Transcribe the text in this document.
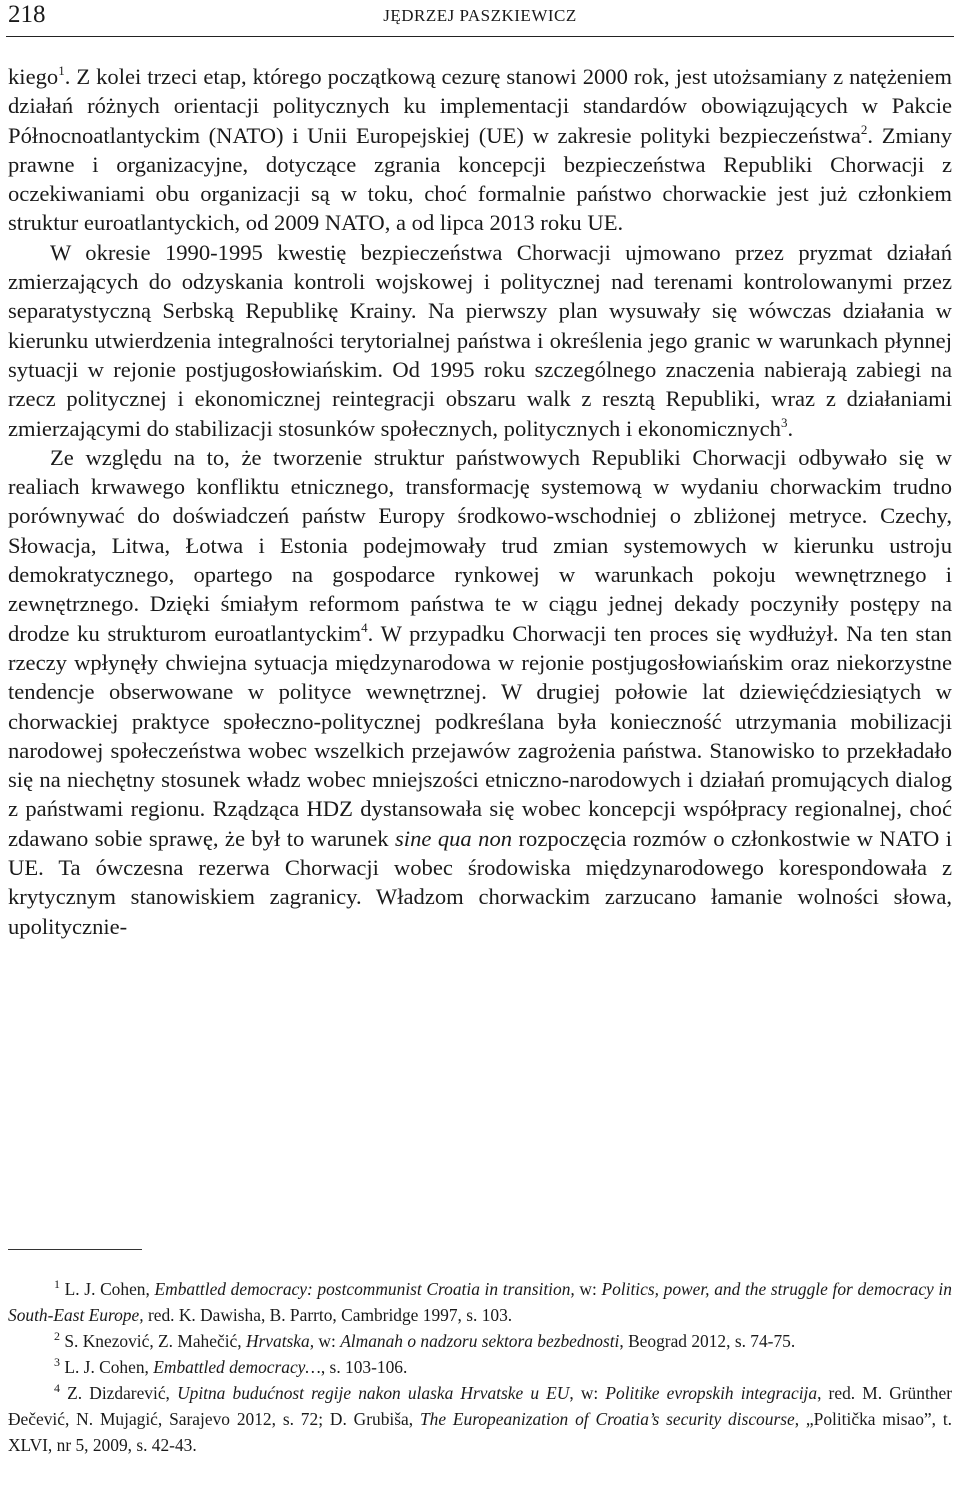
218	JĘDRZEJ PASZKIEWICZ

kiego$^1$. Z kolei trzeci etap, którego początkową cezurę stanowi 2000 rok, jest utożsamiany z natężeniem działań różnych orientacji politycznych ku implementacji standardów obowiązujących w Pakcie Północnoatlantyckim (NATO) i Unii Europejskiej (UE) w zakresie polityki bezpieczeństwa$^2$. Zmiany prawne i organizacyjne, dotyczące zgrania koncepcji bezpieczeństwa Republiki Chorwacji z oczekiwaniami obu organizacji są w toku, choć formalnie państwo chorwackie jest już członkiem struktur euroatlantyckich, od 2009 NATO, a od lipca 2013 roku UE.

W okresie 1990-1995 kwestię bezpieczeństwa Chorwacji ujmowano przez pryzmat działań zmierzających do odzyskania kontroli wojskowej i politycznej nad terenami kontrolowanymi przez separatystyczną Serbską Republikę Krainy. Na pierwszy plan wysuwały się wówczas działania w kierunku utwierdzenia integralności terytorialnej państwa i określenia jego granic w warunkach płynnej sytuacji w rejonie postjugosłowiańskim. Od 1995 roku szczególnego znaczenia nabierają zabiegi na rzecz politycznej i ekonomicznej reintegracji obszaru walk z resztą Republiki, wraz z działaniami zmierzającymi do stabilizacji stosunków społecznych, politycznych i ekonomicznych$^3$.

Ze względu na to, że tworzenie struktur państwowych Republiki Chorwacji odbywało się w realiach krwawego konfliktu etnicznego, transformację systemową w wydaniu chorwackim trudno porównywać do doświadczeń państw Europy środkowo-wschodniej o zbliżonej metryce. Czechy, Słowacja, Litwa, Łotwa i Estonia podejmowały trud zmian systemowych w kierunku ustroju demokratycznego, opartego na gospodarce rynkowej w warunkach pokoju wewnętrznego i zewnętrznego. Dzięki śmiałym reformom państwa te w ciągu jednej dekady poczyniły postępy na drodze ku strukturom euroatlantyckim$^4$. W przypadku Chorwacji ten proces się wydłużył. Na ten stan rzeczy wpłynęły chwiejna sytuacja międzynarodowa w rejonie postjugosłowiańskim oraz niekorzystne tendencje obserwowane w polityce wewnętrznej. W drugiej połowie lat dziewięćdziesiątych w chorwackiej praktyce społeczno-politycznej podkreślana była konieczność utrzymania mobilizacji narodowej społeczeństwa wobec wszelkich przejawów zagrożenia państwa. Stanowisko to przekładało się na niechętny stosunek władz wobec mniejszości etniczno-narodowych i działań promujących dialog z państwami regionu. Rządząca HDZ dystansowała się wobec koncepcji współpracy regionalnej, choć zdawano sobie sprawę, że był to warunek sine qua non rozpoczęcia rozmów o członkostwie w NATO i UE. Ta ówczesna rezerwa Chorwacji wobec środowiska międzynarodowego korespondowała z krytycznym stanowiskiem zagranicy. Władzom chorwackim zarzucano łamanie wolności słowa, upolitycznie-

$^1$ L. J. Cohen, Embattled democracy: postcommunist Croatia in transition, w: Politics, power, and the struggle for democracy in South-East Europe, red. K. Dawisha, B. Parrto, Cambridge 1997, s. 103.

$^2$ S. Knezović, Z. Mahečić, Hrvatska, w: Almanah o nadzoru sektora bezbednosti, Beograd 2012, s. 74-75.

$^3$ L. J. Cohen, Embattled democracy…, s. 103-106.

$^4$ Z. Dizdarević, Upitna budućnost regije nakon ulaska Hrvatske u EU, w: Politike evropskih integracija, red. M. Grünther Đečević, N. Mujagić, Sarajevo 2012, s. 72; D. Grubiša, The Europeanization of Croatia’s security discourse, „Politička misao”, t. XLVI, nr 5, 2009, s. 42-43.
